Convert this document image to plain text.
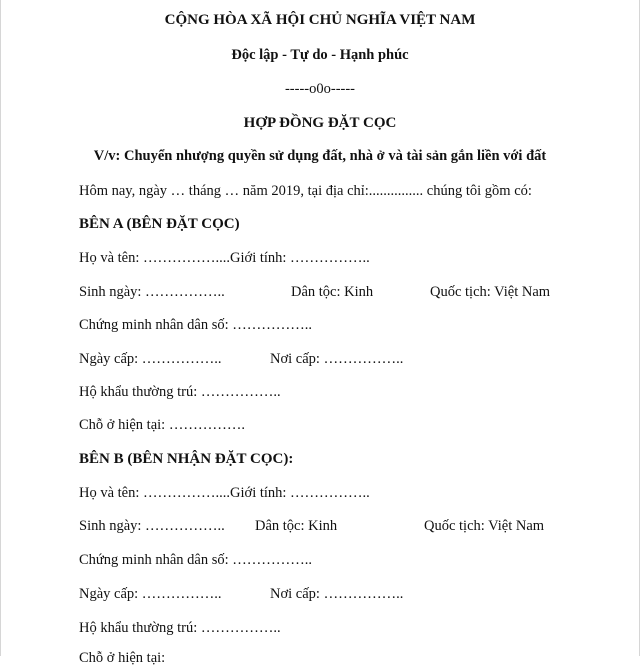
CỘNG HÒA XÃ HỘI CHỦ NGHĨA VIỆT NAM
Độc lập - Tự do - Hạnh phúc
-----o0o-----
HỢP ĐỒNG ĐẶT CỌC
V/v: Chuyển nhượng quyền sử dụng đất, nhà ở và tài sản gắn liền với đất
Hôm nay, ngày … tháng … năm 2019, tại địa chỉ:............... chúng tôi gồm có:
BÊN A (BÊN ĐẶT CỌC)
Họ và tên: ……………....Giới tính: ……………..
Sinh ngày: ……………..	Dân tộc: Kinh	Quốc tịch: Việt Nam
Chứng minh nhân dân số: ……………..
Ngày cấp: ……………..	Nơi cấp: ……………..
Hộ khẩu thường trú: ……………..
Chỗ ở hiện tại: …………….
BÊN B (BÊN NHẬN ĐẶT CỌC):
Họ và tên: ……………....Giới tính: ……………..
Sinh ngày: …………….. Dân tộc: Kinh	Quốc tịch: Việt Nam
Chứng minh nhân dân số: ……………..
Ngày cấp: ……………..	Nơi cấp: ……………..
Hộ khẩu thường trú: ……………..
Chỗ ở hiện tại:
